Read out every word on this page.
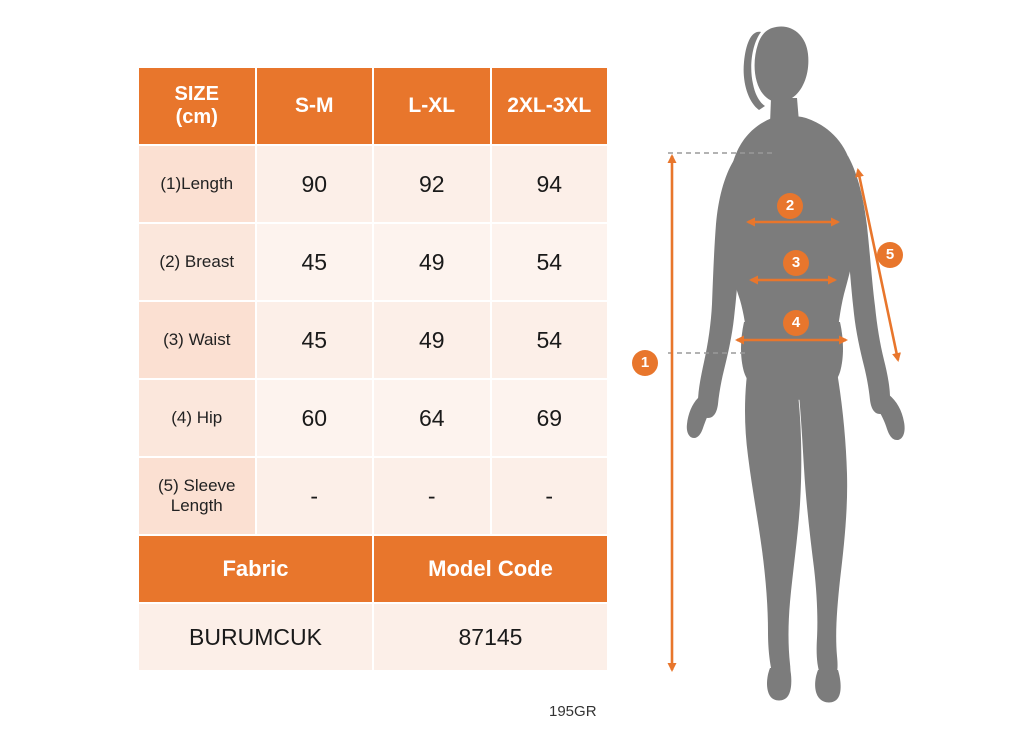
SIZE
(cm)	S-M	L-XL	2XL-3XL
(1)Length	90	92	94
(2) Breast	45	49	54
(3) Waist	45	49	54
(4) Hip	60	64	69

(5) Sleeve
Length	-	-	-
Fabric		Model Code	
BURUMCUK		87145	
195GR
1
2
3
4
5
